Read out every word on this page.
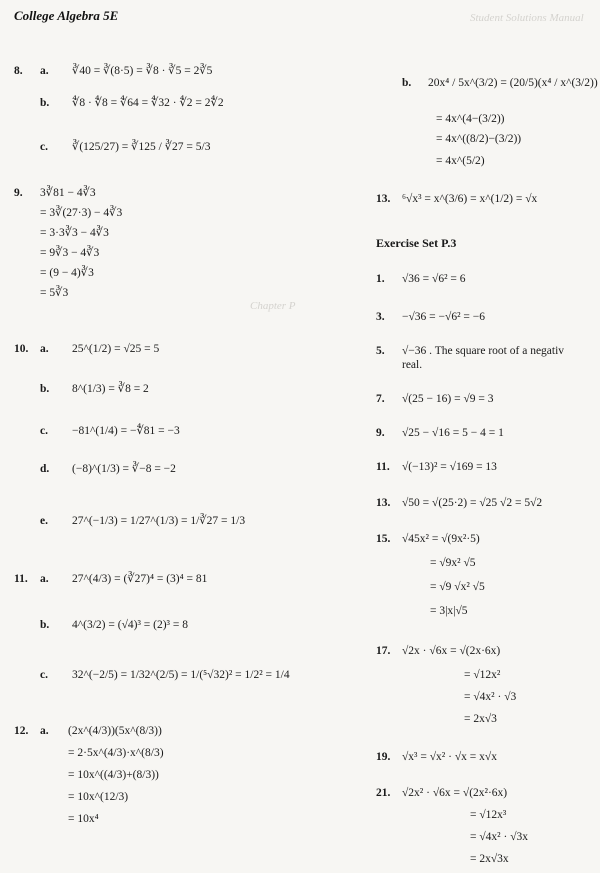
Student Solutions Manual
Chapter P
College Algebra 5E
8. a. ∛40 = ∛(8·5) = ∛8 · ∛5 = 2∛5
b. ∜8 · ∜8 = ∜64 = ∜32 · ∜2 = 2∜2
c. ∛(125/27) = ∛125 / ∛27 = 5/3
9. 3∛81 − 4∛3
= 3∛(27·3) − 4∛3
= 3·3∛3 − 4∛3
= 9∛3 − 4∛3
= (9 − 4)∛3
= 5∛3
10. a. 25^(1/2) = √25 = 5
b. 8^(1/3) = ∛8 = 2
c. −81^(1/4) = −∜81 = −3
d. (−8)^(1/3) = ∛−8 = −2
e. 27^(−1/3) = 1/27^(1/3) = 1/∛27 = 1/3
11. a. 27^(4/3) = (∛27)⁴ = (3)⁴ = 81
b. 4^(3/2) = (√4)³ = (2)³ = 8
c. 32^(−2/5) = 1/32^(2/5) = 1/(⁵√32)² = 1/2² = 1/4
12. a. (2x^(4/3))(5x^(8/3))
= 2·5x^(4/3)·x^(8/3)
= 10x^((4/3)+(8/3))
= 10x^(12/3)
= 10x⁴
b. 20x⁴ / 5x^(3/2) = (20/5)(x⁴ / x^(3/2))
= 4x^(4−(3/2))
= 4x^((8/2)−(3/2))
= 4x^(5/2)
13. ⁶√x³ = x^(3/6) = x^(1/2) = √x
Exercise Set P.3
1. √36 = √6² = 6
3. −√36 = −√6² = −6
5. √−36 . The square root of a negativ
real.
7. √(25 − 16) = √9 = 3
9. √25 − √16 = 5 − 4 = 1
11. √(−13)² = √169 = 13
13. √50 = √(25·2) = √25 √2 = 5√2
15. √45x² = √(9x²·5)
= √9x² √5
= √9 √x² √5
= 3|x|√5
17. √2x · √6x = √(2x·6x)
= √12x²
= √4x² · √3
= 2x√3
19. √x³ = √x² · √x = x√x
21. √2x² · √6x = √(2x²·6x)
= √12x³
= √4x² · √3x
= 2x√3x
